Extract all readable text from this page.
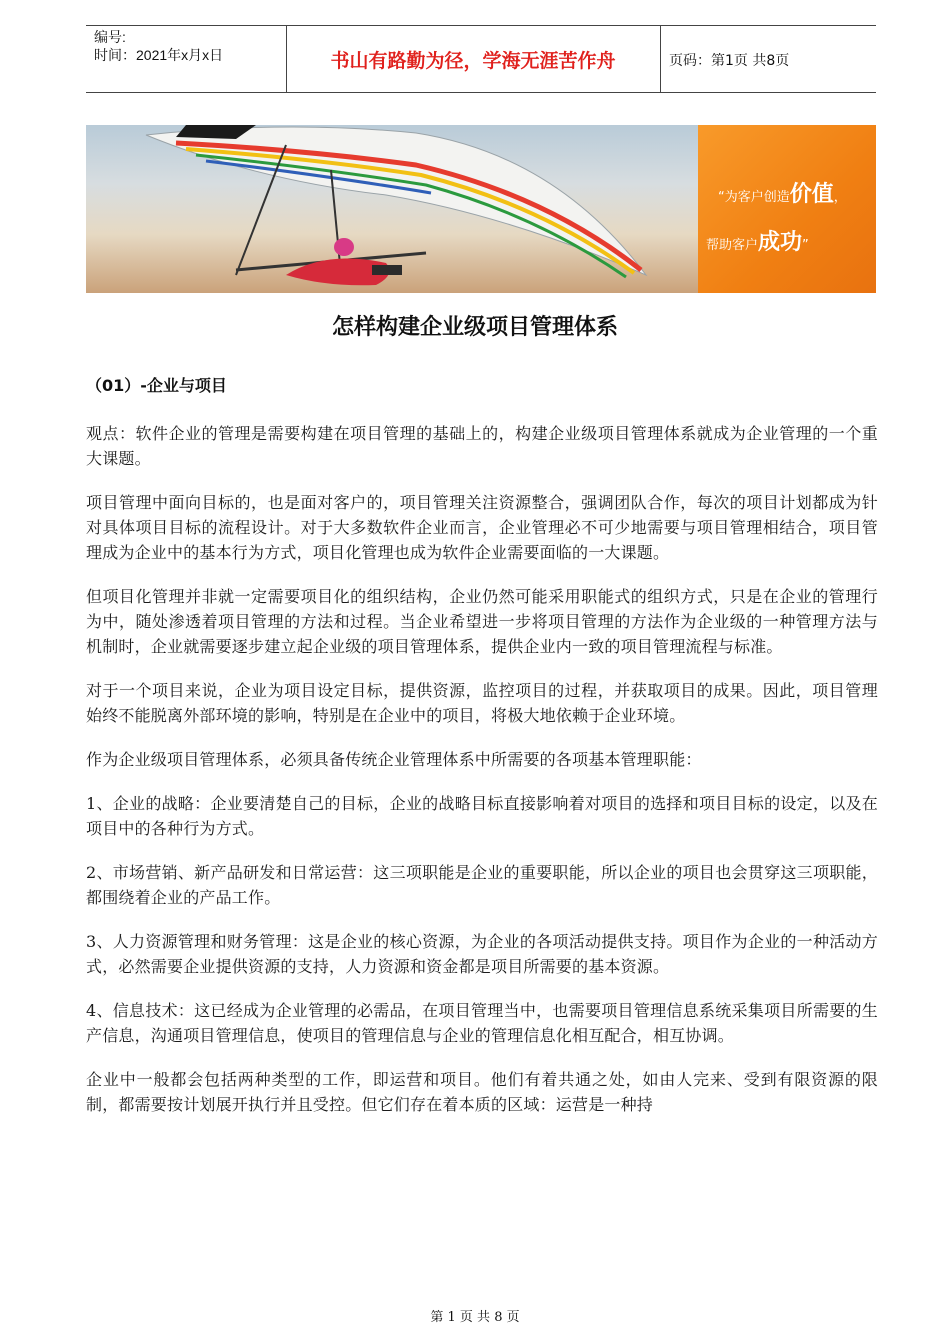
编号:
时间：2021年x月x日	书山有路勤为径，学海无涯苦作舟	页码：第1页 共8页
“为客户创造价值，
帮助客户成功”
怎样构建企业级项目管理体系
（01）-企业与项目

观点：软件企业的管理是需要构建在项目管理的基础上的，构建企业级项目管理体系就成为企业管理的一个重大课题。

项目管理中面向目标的，也是面对客户的，项目管理关注资源整合，强调团队合作，每次的项目计划都成为针对具体项目目标的流程设计。对于大多数软件企业而言，企业管理必不可少地需要与项目管理相结合，项目管理成为企业中的基本行为方式，项目化管理也成为软件企业需要面临的一大课题。

但项目化管理并非就一定需要项目化的组织结构，企业仍然可能采用职能式的组织方式，只是在企业的管理行为中，随处渗透着项目管理的方法和过程。当企业希望进一步将项目管理的方法作为企业级的一种管理方法与机制时，企业就需要逐步建立起企业级的项目管理体系，提供企业内一致的项目管理流程与标准。

对于一个项目来说，企业为项目设定目标，提供资源，监控项目的过程，并获取项目的成果。因此，项目管理始终不能脱离外部环境的影响，特别是在企业中的项目，将极大地依赖于企业环境。

作为企业级项目管理体系，必须具备传统企业管理体系中所需要的各项基本管理职能：

1、企业的战略：企业要清楚自己的目标，企业的战略目标直接影响着对项目的选择和项目目标的设定，以及在项目中的各种行为方式。

2、市场营销、新产品研发和日常运营：这三项职能是企业的重要职能，所以企业的项目也会贯穿这三项职能，都围绕着企业的产品工作。

3、人力资源管理和财务管理：这是企业的核心资源，为企业的各项活动提供支持。项目作为企业的一种活动方式，必然需要企业提供资源的支持，人力资源和资金都是项目所需要的基本资源。

4、信息技术：这已经成为企业管理的必需品，在项目管理当中，也需要项目管理信息系统采集项目所需要的生产信息，沟通项目管理信息，使项目的管理信息与企业的管理信息化相互配合，相互协调。

企业中一般都会包括两种类型的工作，即运营和项目。他们有着共通之处，如由人完来、受到有限资源的限制，都需要按计划展开执行并且受控。但它们存在着本质的区域：运营是一种持

第 1 页 共 8 页
